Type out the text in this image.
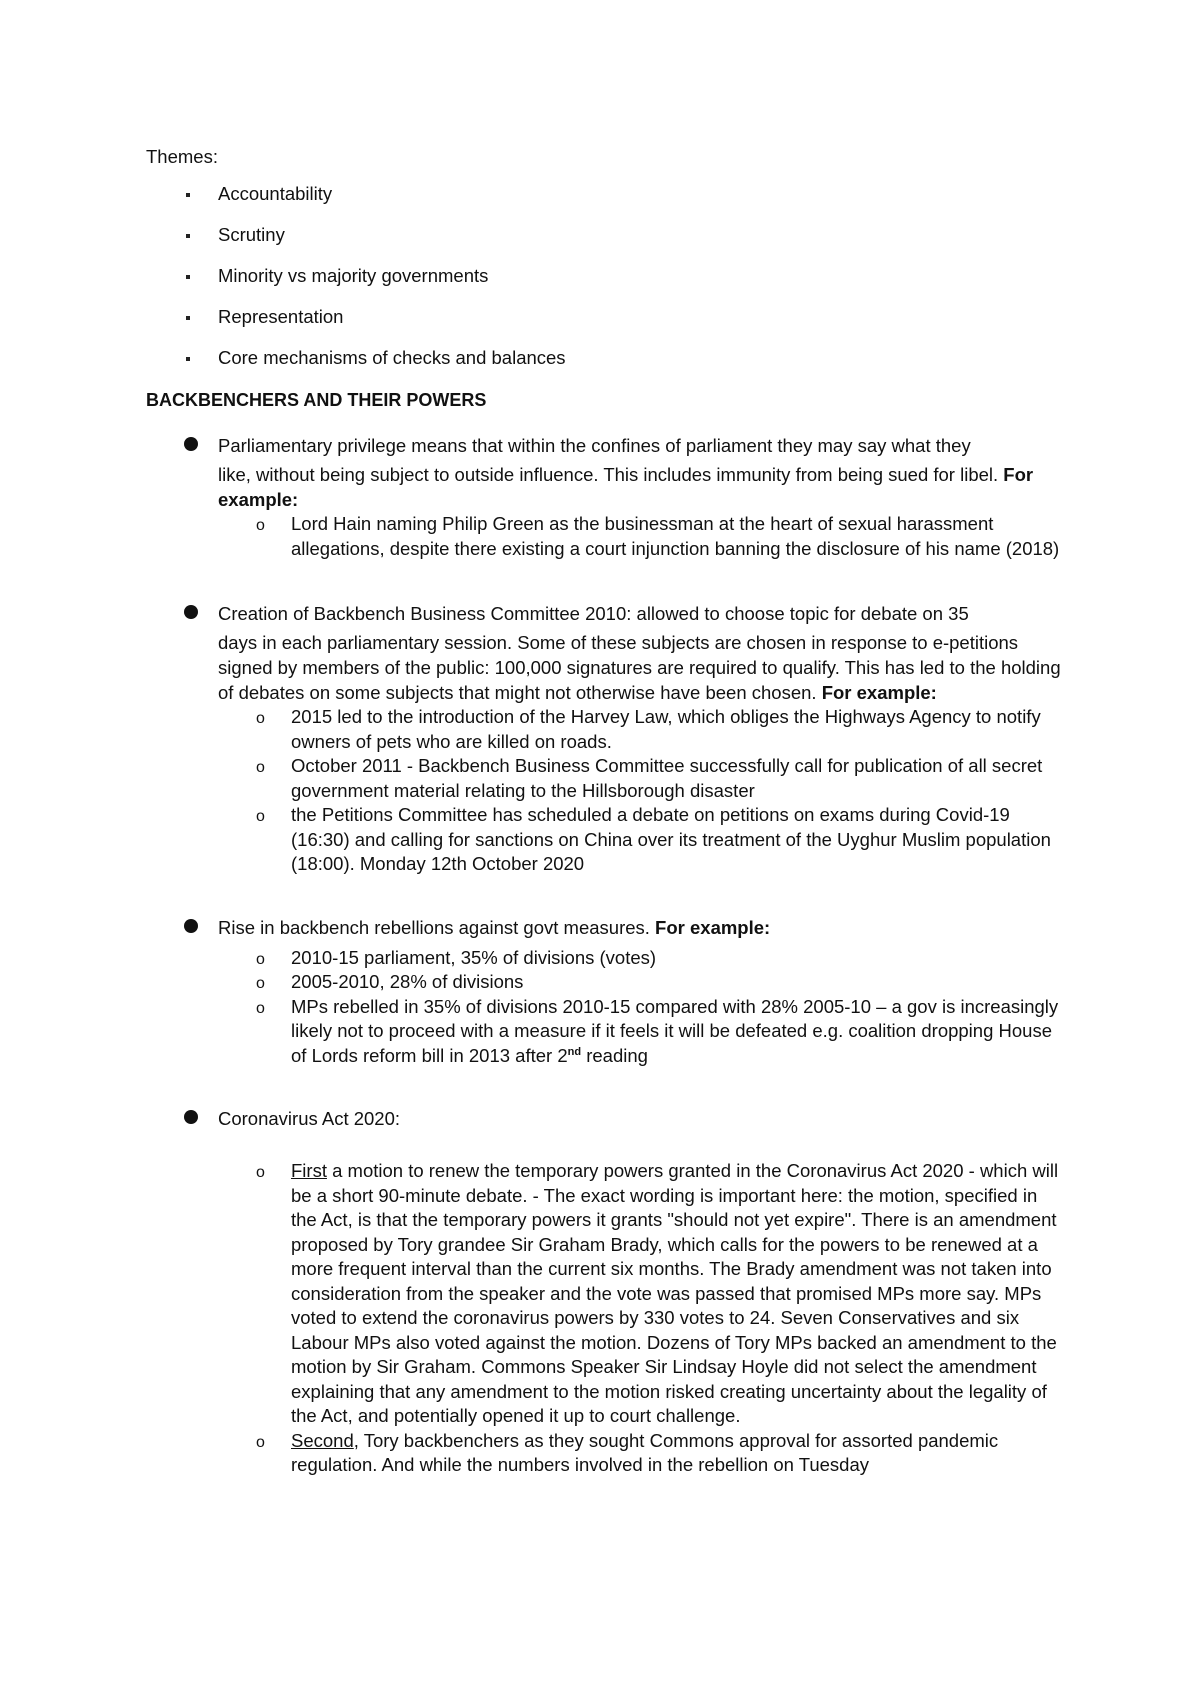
Themes:

Accountability
Scrutiny
Minority vs majority governments
Representation
Core mechanisms of checks and balances

BACKBENCHERS AND THEIR POWERS

Parliamentary privilege means that within the confines of parliament they may say what they
like, without being subject to outside influence. This includes immunity from being sued for libel. For example:

o Lord Hain naming Philip Green as the businessman at the heart of sexual harassment allegations, despite there existing a court injunction banning the disclosure of his name (2018)

Creation of Backbench Business Committee 2010: allowed to choose topic for debate on 35
days in each parliamentary session. Some of these subjects are chosen in response to e-petitions signed by members of the public: 100,000 signatures are required to qualify. This has led to the holding of debates on some subjects that might not otherwise have been chosen. For example:

o 2015 led to the introduction of the Harvey Law, which obliges the Highways Agency to notify owners of pets who are killed on roads.
o October 2011 - Backbench Business Committee successfully call for publication of all secret government material relating to the Hillsborough disaster
o the Petitions Committee has scheduled a debate on petitions on exams during Covid-19 (16:30) and calling for sanctions on China over its treatment of the Uyghur Muslim population (18:00). Monday 12th October 2020

Rise in backbench rebellions against govt measures. For example:

o 2010-15 parliament, 35% of divisions (votes)
o 2005-2010, 28% of divisions
o MPs rebelled in 35% of divisions 2010-15 compared with 28% 2005-10 – a gov is increasingly likely not to proceed with a measure if it feels it will be defeated e.g. coalition dropping House of Lords reform bill in 2013 after 2nd reading

Coronavirus Act 2020:

o First a motion to renew the temporary powers granted in the Coronavirus Act 2020 - which will be a short 90-minute debate. - The exact wording is important here: the motion, specified in the Act, is that the temporary powers it grants "should not yet expire". There is an amendment proposed by Tory grandee Sir Graham Brady, which calls for the powers to be renewed at a more frequent interval than the current six months. The Brady amendment was not taken into consideration from the speaker and the vote was passed that promised MPs more say. MPs voted to extend the coronavirus powers by 330 votes to 24. Seven Conservatives and six Labour MPs also voted against the motion. Dozens of Tory MPs backed an amendment to the motion by Sir Graham. Commons Speaker Sir Lindsay Hoyle did not select the amendment explaining that any amendment to the motion risked creating uncertainty about the legality of the Act, and potentially opened it up to court challenge.
o Second, Tory backbenchers as they sought Commons approval for assorted pandemic regulation. And while the numbers involved in the rebellion on Tuesday
